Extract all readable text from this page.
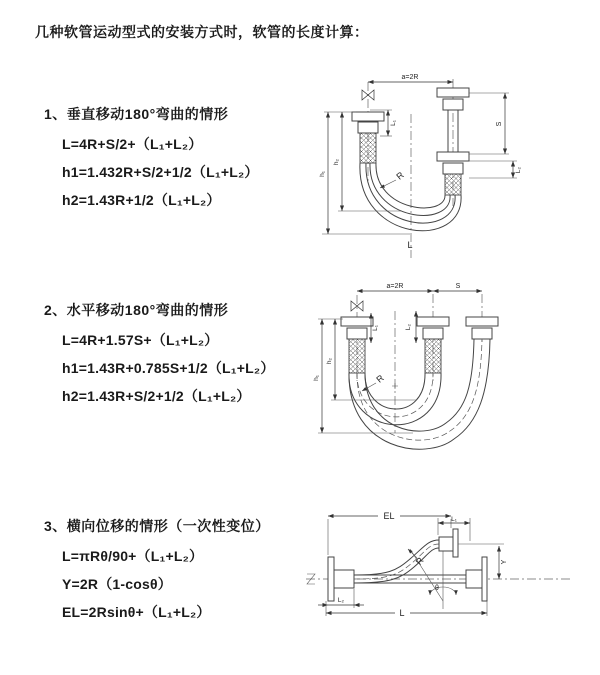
几种软管运动型式的安装方式时，软管的长度计算：
1、垂直移动180°弯曲的情形
L=4R+S/2+（L₁+L₂）
h1=1.432R+S/2+1/2（L₁+L₂）
h2=1.43R+1/2（L₁+L₂）
a=2R
S
L₂
L₁
h₁
h₂
R
L
2、水平移动180°弯曲的情形
L=4R+1.57S+（L₁+L₂）
h1=1.43R+0.785S+1/2（L₁+L₂）
h2=1.43R+S/2+1/2（L₁+L₂）
a=2R	S
L₁	L₂
h₁
h₂
R
3、横向位移的情形（一次性变位）
L=πRθ/90+（L₁+L₂）
Y=2R（1-cosθ）
EL=2Rsinθ+（L₁+L₂）
θ
R
EL	L₁
Y
L₂
L
